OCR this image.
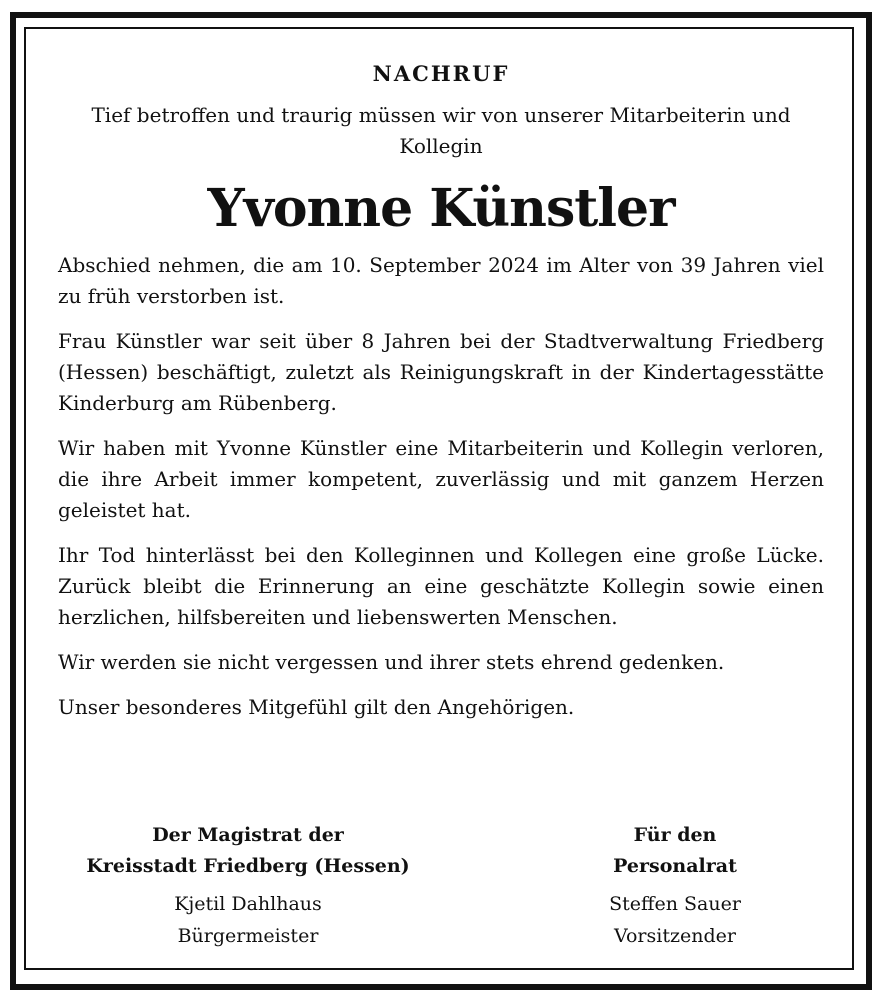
NACHRUF

Tief betroffen und traurig müssen wir von unserer Mitarbeiterin und Kollegin

Yvonne Künstler

Abschied nehmen, die am 10. September 2024 im Alter von 39 Jahren viel zu früh verstorben ist.

Frau Künstler war seit über 8 Jahren bei der Stadtverwaltung Friedberg (Hessen) beschäftigt, zuletzt als Reinigungskraft in der Kindertagesstätte Kinderburg am Rübenberg.

Wir haben mit Yvonne Künstler eine Mitarbeiterin und Kollegin verloren, die ihre Arbeit immer kompetent, zuverlässig und mit ganzem Herzen geleistet hat.

Ihr Tod hinterlässt bei den Kolleginnen und Kollegen eine große Lücke. Zurück bleibt die Erinnerung an eine geschätzte Kollegin sowie einen herzlichen, hilfsbereiten und liebenswerten Menschen.

Wir werden sie nicht vergessen und ihrer stets ehrend gedenken.

Unser besonderes Mitgefühl gilt den Angehörigen.

Der Magistrat der
Kreisstadt Friedberg (Hessen)

Kjetil Dahlhaus
Bürgermeister

Für den
Personalrat

Steffen Sauer
Vorsitzender
